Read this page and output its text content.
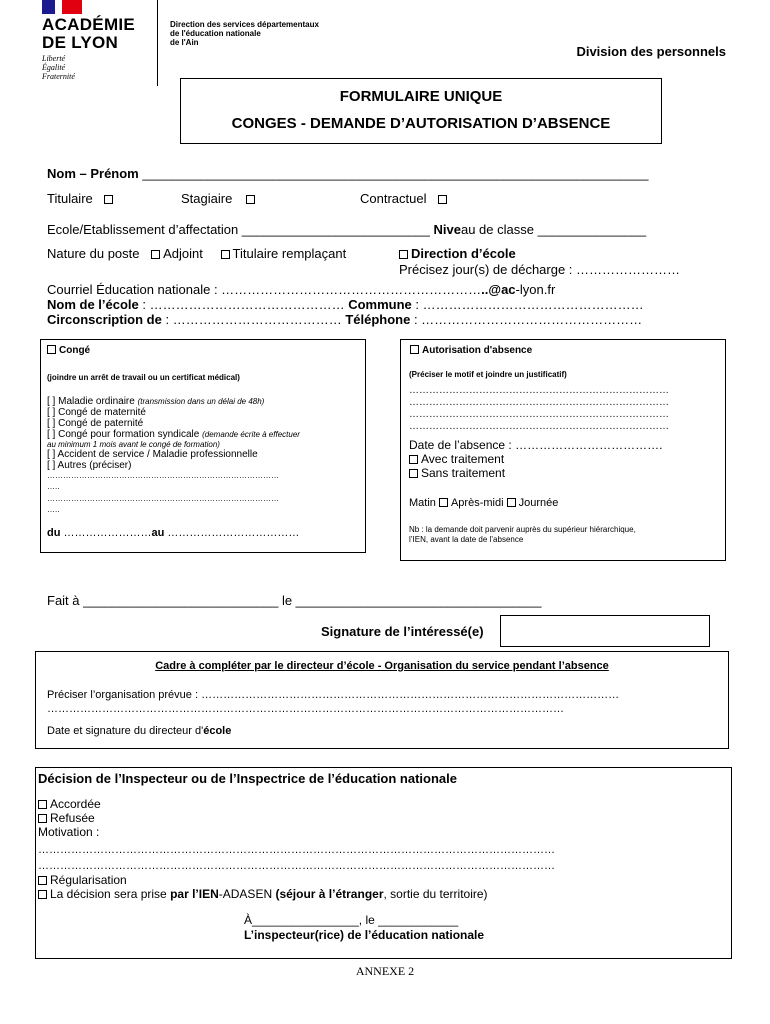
ACADÉMIE
DE LYON
Liberté
Égalité
Fraternité
Direction des services départementaux
de l'éducation nationale
de l'Ain
Division des personnels
FORMULAIRE UNIQUE
CONGES - DEMANDE D’AUTORISATION D’ABSENCE
Nom – Prénom ______________________________________________________________________
Titulaire	Stagiaire	Contractuel
Ecole/Etablissement d’affectation __________________________ Niveau de classe _______________
Nature du poste Adjoint Titulaire remplaçant	Direction d’école
Précisez jour(s) de décharge : ……………………
Courriel Éducation nationale : ……………………………………………………..@ac-lyon.fr
Nom de l’école : ……………………………………… Commune : ……………………………………………
Circonscription de : ………………………………… Téléphone : ……………………………………………
Congé
(joindre un arrêt de travail ou un certificat médical)
[ ] Maladie ordinaire (transmission dans un délai de 48h)
[ ] Congé de maternité
[ ] Congé de paternité
[ ] Congé pour formation syndicale (demande écrite à effectuer
au minimum 1 mois avant le congé de formation)
[ ] Accident de service / Maladie professionnelle
[ ] Autres (préciser)
……………………………………………………………………………
…..
……………………………………………………………………………
…..
du ……………………au ………………………………
Autorisation d'absence
(Préciser le motif et joindre un justificatif)
……………………………………………………………………
……………………………………………………………………
……………………………………………………………………
……………………………………………………………………
Date de l’absence : ……………………………….
Avec traitement
Sans traitement
Matin Après-midi Journée
Nb : la demande doit parvenir auprès du supérieur hiérarchique,
l’IEN, avant la date de l’absence
Fait à ___________________________ le __________________________________
Signature de l’intéressé(e)
Cadre à compléter par le directeur d’école - Organisation du service pendant l’absence
Préciser l’organisation prévue : ……………………………………………………………………………………………………
……………………………………………………………………………………………………………………………
Date et signature du directeur d'école
Décision de l’Inspecteur ou de l’Inspectrice de l’éducation nationale
Accordée
Refusée
Motivation :
……………………………………………………………………………………………………………………………
……………………………………………………………………………………………………………………………
Régularisation
La décision sera prise par l’IEN-ADASEN (séjour à l’étranger, sortie du territoire)
À________________, le ____________
L’inspecteur(rice) de l’éducation nationale
ANNEXE 2
